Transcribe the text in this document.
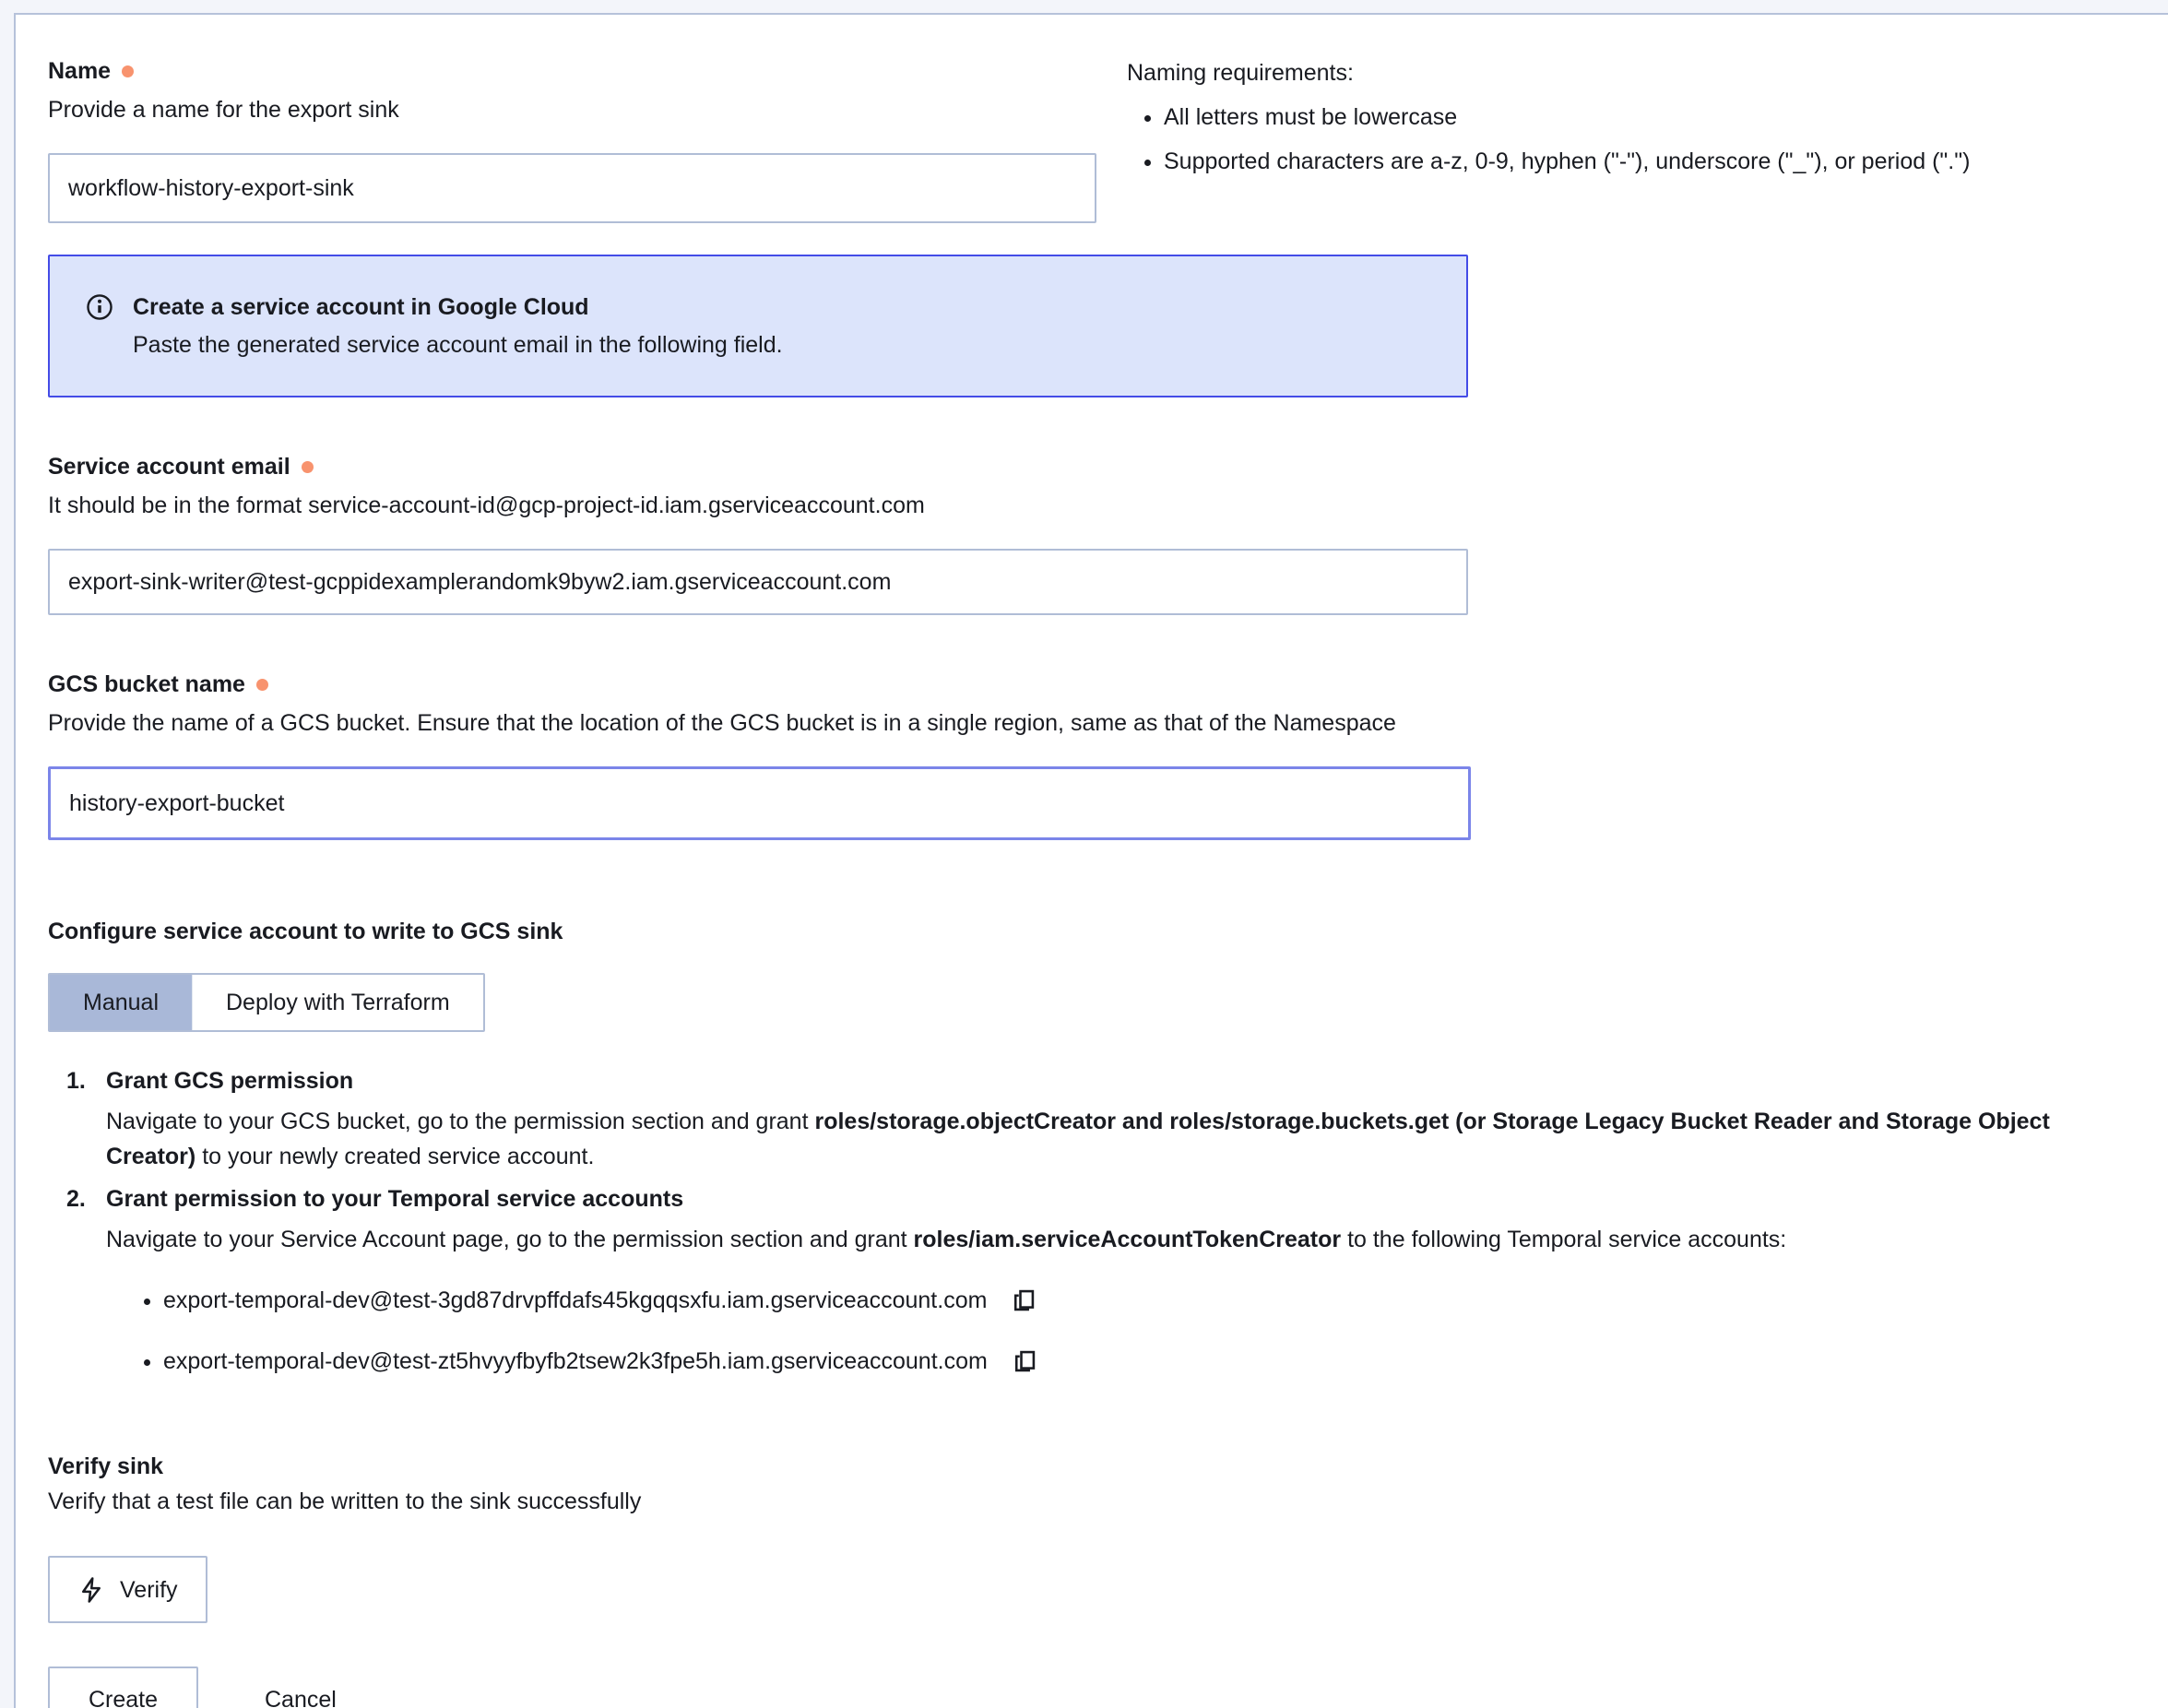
Name
Provide a name for the export sink
workflow-history-export-sink
Naming requirements:
• All letters must be lowercase
• Supported characters are a-z, 0-9, hyphen ("-"), underscore ("_"), or period (".")
Create a service account in Google Cloud
Paste the generated service account email in the following field.
Service account email
It should be in the format service-account-id@gcp-project-id.iam.gserviceaccount.com
export-sink-writer@test-gcppidexamplerandomk9byw2.iam.gserviceaccount.com
GCS bucket name
Provide the name of a GCS bucket. Ensure that the location of the GCS bucket is in a single region, same as that of the Namespace
history-export-bucket
Configure service account to write to GCS sink
Manual	Deploy with Terraform
1. Grant GCS permission
Navigate to your GCS bucket, go to the permission section and grant roles/storage.objectCreator and roles/storage.buckets.get (or Storage Legacy Bucket Reader and Storage Object Creator) to your newly created service account.
2. Grant permission to your Temporal service accounts
Navigate to your Service Account page, go to the permission section and grant roles/iam.serviceAccountTokenCreator to the following Temporal service accounts:
• export-temporal-dev@test-3gd87drvpffdafs45kgqqsxfu.iam.gserviceaccount.com
• export-temporal-dev@test-zt5hvyyfbyfb2tsew2k3fpe5h.iam.gserviceaccount.com
Verify sink
Verify that a test file can be written to the sink successfully
Verify
Create	Cancel
